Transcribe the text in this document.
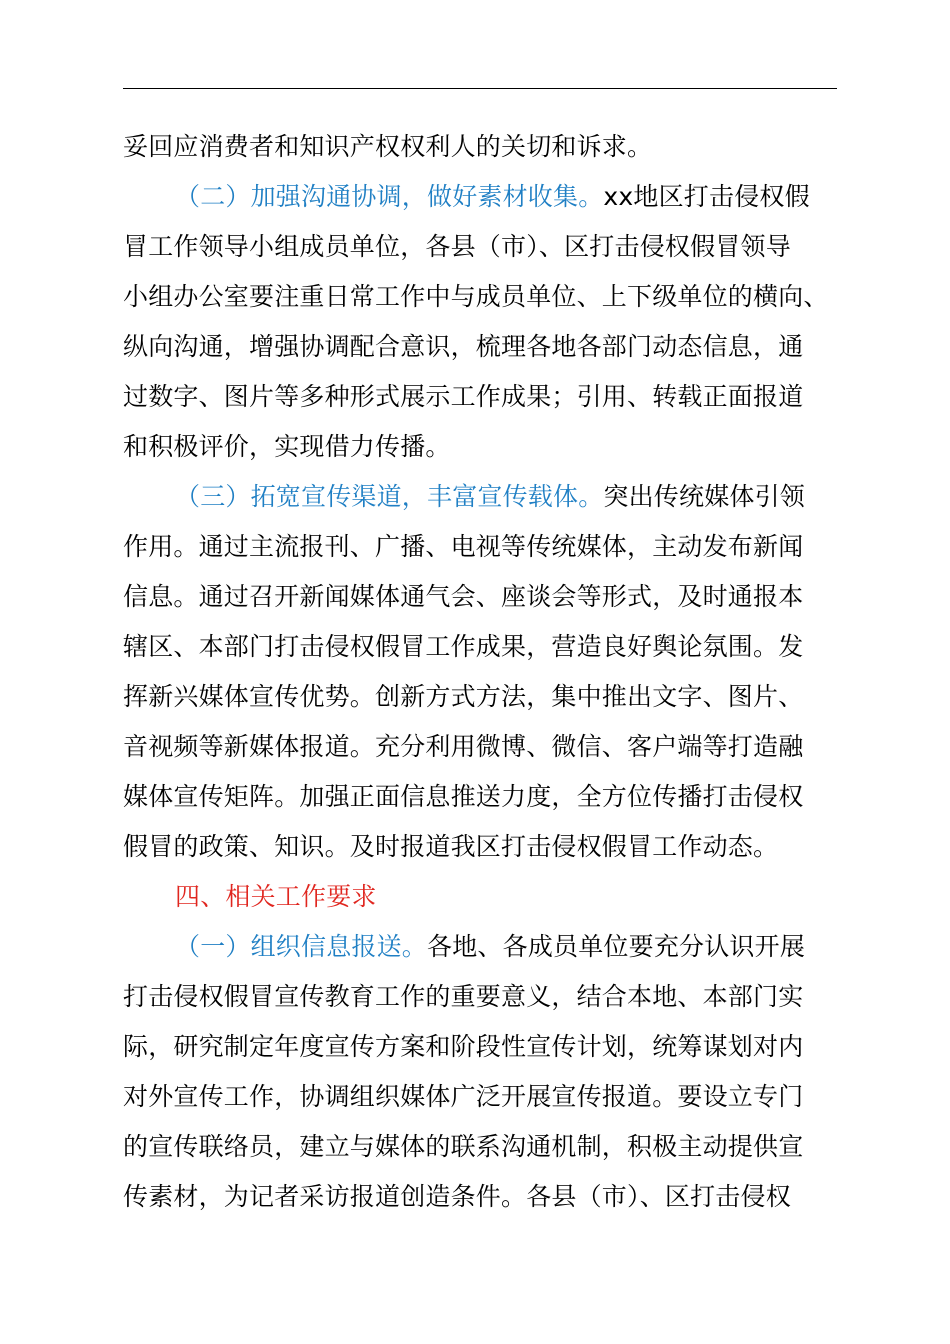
妥回应消费者和知识产权权利人的关切和诉求。
（二）加强沟通协调，做好素材收集。xx地区打击侵权假
冒工作领导小组成员单位，各县（市）、区打击侵权假冒领导
小组办公室要注重日常工作中与成员单位、上下级单位的横向、
纵向沟通，增强协调配合意识，梳理各地各部门动态信息，通
过数字、图片等多种形式展示工作成果；引用、转载正面报道
和积极评价，实现借力传播。
（三）拓宽宣传渠道，丰富宣传载体。突出传统媒体引领
作用。通过主流报刊、广播、电视等传统媒体，主动发布新闻
信息。通过召开新闻媒体通气会、座谈会等形式，及时通报本
辖区、本部门打击侵权假冒工作成果，营造良好舆论氛围。发
挥新兴媒体宣传优势。创新方式方法，集中推出文字、图片、
音视频等新媒体报道。充分利用微博、微信、客户端等打造融
媒体宣传矩阵。加强正面信息推送力度，全方位传播打击侵权
假冒的政策、知识。及时报道我区打击侵权假冒工作动态。
四、相关工作要求
（一）组织信息报送。各地、各成员单位要充分认识开展
打击侵权假冒宣传教育工作的重要意义，结合本地、本部门实
际，研究制定年度宣传方案和阶段性宣传计划，统筹谋划对内
对外宣传工作，协调组织媒体广泛开展宣传报道。要设立专门
的宣传联络员，建立与媒体的联系沟通机制，积极主动提供宣
传素材，为记者采访报道创造条件。各县（市）、区打击侵权
